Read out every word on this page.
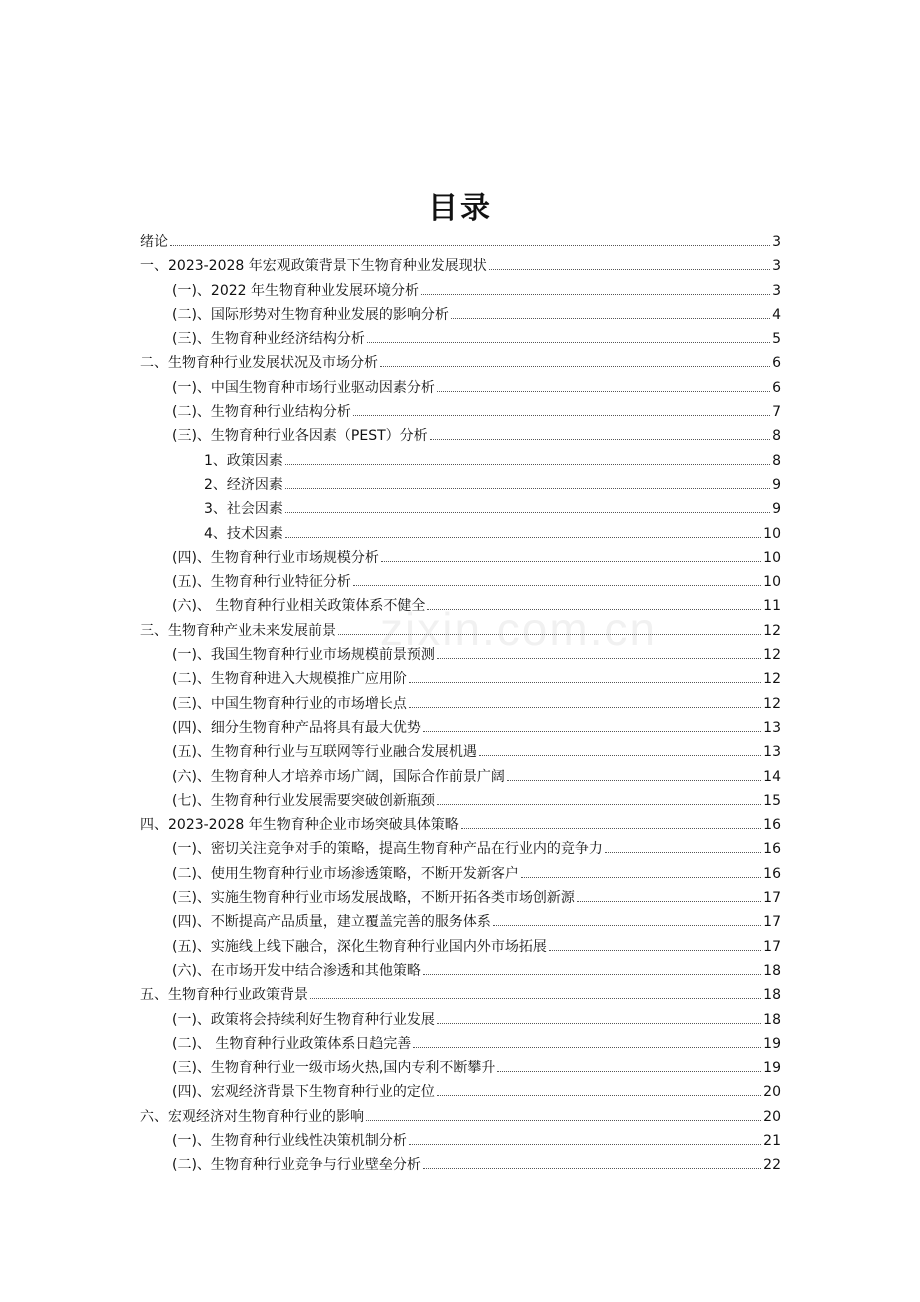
目录
绪论	3
一、2023-2028 年宏观政策背景下生物育种业发展现状	3
(一)、2022 年生物育种业发展环境分析	3
(二)、国际形势对生物育种业发展的影响分析	4
(三)、生物育种业经济结构分析	5
二、生物育种行业发展状况及市场分析	6
(一)、中国生物育种市场行业驱动因素分析	6
(二)、生物育种行业结构分析	7
(三)、生物育种行业各因素（PEST）分析	8
1、政策因素	8
2、经济因素	9
3、社会因素	9
4、技术因素	10
(四)、生物育种行业市场规模分析	10
(五)、生物育种行业特征分析	10
(六)、 生物育种行业相关政策体系不健全	11
三、生物育种产业未来发展前景	12
(一)、我国生物育种行业市场规模前景预测	12
(二)、生物育种进入大规模推广应用阶	12
(三)、中国生物育种行业的市场增长点	12
(四)、细分生物育种产品将具有最大优势	13
(五)、生物育种行业与互联网等行业融合发展机遇	13
(六)、生物育种人才培养市场广阔，国际合作前景广阔	14
(七)、生物育种行业发展需要突破创新瓶颈	15
四、2023-2028 年生物育种企业市场突破具体策略	16
(一)、密切关注竞争对手的策略，提高生物育种产品在行业内的竞争力	16
(二)、使用生物育种行业市场渗透策略，不断开发新客户	16
(三)、实施生物育种行业市场发展战略，不断开拓各类市场创新源	17
(四)、不断提高产品质量，建立覆盖完善的服务体系	17
(五)、实施线上线下融合，深化生物育种行业国内外市场拓展	17
(六)、在市场开发中结合渗透和其他策略	18
五、生物育种行业政策背景	18
(一)、政策将会持续利好生物育种行业发展	18
(二)、 生物育种行业政策体系日趋完善	19
(三)、生物育种行业一级市场火热,国内专利不断攀升	19
(四)、宏观经济背景下生物育种行业的定位	20
六、宏观经济对生物育种行业的影响	20
(一)、生物育种行业线性决策机制分析	21
(二)、生物育种行业竞争与行业壁垒分析	22
zixin.com.cn
